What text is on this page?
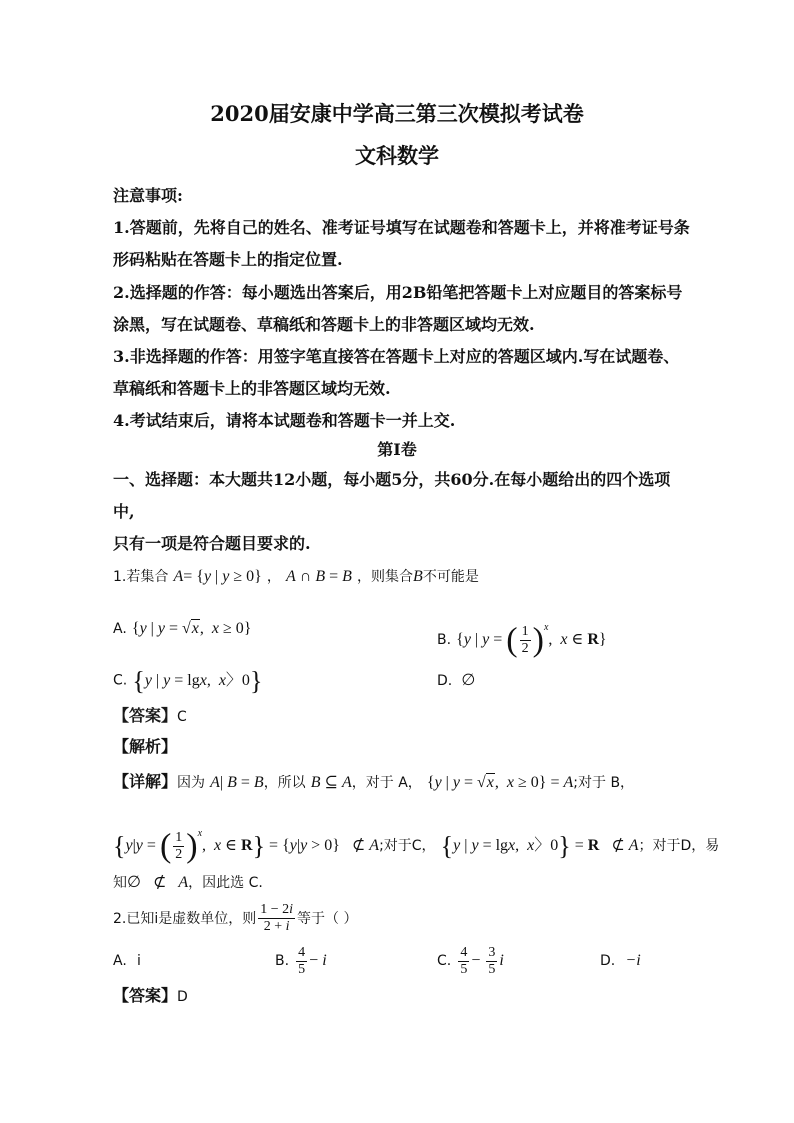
2020届安康中学高三第三次模拟考试卷
文科数学
注意事项:
1.答题前，先将自己的姓名、准考证号填写在试题卷和答题卡上，并将准考证号条
形码粘贴在答题卡上的指定位置.
2.选择题的作答：每小题选出答案后，用2B铅笔把答题卡上对应题目的答案标号
涂黑，写在试题卷、草稿纸和答题卡上的非答题区域均无效.
3.非选择题的作答：用签字笔直接答在答题卡上对应的答题区域内.写在试题卷、
草稿纸和答题卡上的非答题区域均无效.
4.考试结束后，请将本试题卷和答题卡一并上交.
第Ⅰ卷
一、选择题：本大题共12小题，每小题5分，共60分.在每小题给出的四个选项
中,
只有一项是符合题目要求的.
1.若集合 A= {y | y ≥ 0} ， A ∩ B = B ，则集合B不可能是
A. {y | y = √x,  x ≥ 0}
B. {y | y = ( $\frac{1}{2} )^x$,  x ∈ R}
C. {y | y = lgx,  x〉0}	D.  ∅
【答案】C
【解析】
【详解】因为 A| B = B，所以 B ⊆ A，对于 A， {y | y = √x,  x ≥ 0} = A;对于 B，
{y|y = ( $\frac{1}{2} )^x$,  x ∈ R} = {y|y > 0}   ⊄ A;对于C， {y | y = lgx,  x〉0} = R   ⊄ A；对于D，易
知∅   ⊄   A，因此选 C.
2.已知i是虚数单位，则 $\frac{1 - 2i}{2 + i}$ 等于（ ）
A. i	B. $\frac{4}{5} - i$	C. $\frac{4}{5} - \frac{3}{5}$ i	D. −i
【答案】D
